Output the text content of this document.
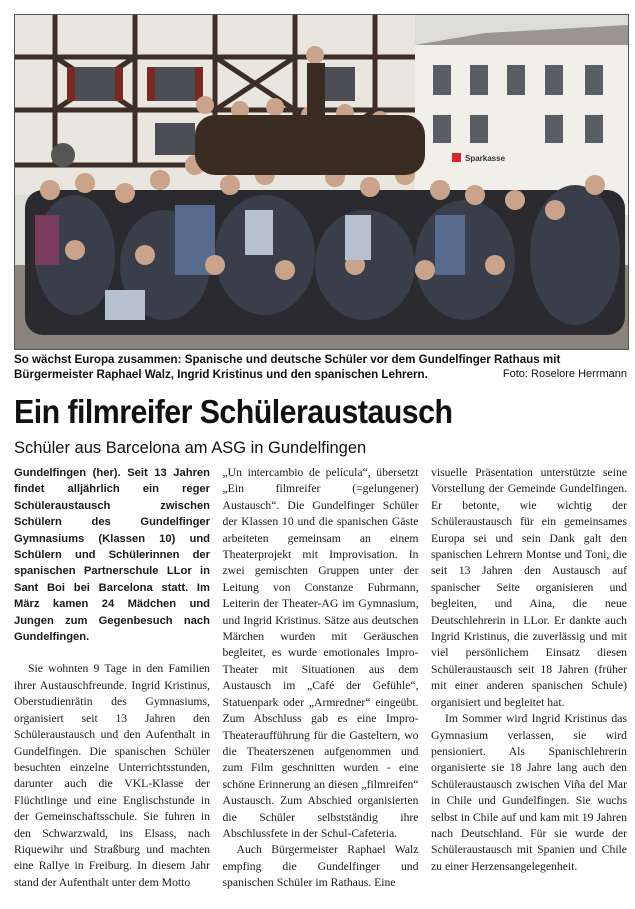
Sparkasse
So wächst Europa zusammen: Spanische und deutsche Schüler vor dem Gundelfinger Rathaus mit Bürgermeister Raphael Walz, Ingrid Kristinus und den spanischen Lehrern.	Foto: Roselore Herrmann
Ein filmreifer Schüleraustausch
Schüler aus Barcelona am ASG in Gundelfingen

Gundelfingen (her). Seit 13 Jahren findet alljährlich ein reger Schüleraustausch zwischen Schülern des Gundelfinger Gymnasiums (Klassen 10) und Schülern und Schülerinnen der spanischen Partnerschule LLor in Sant Boi bei Barcelona statt. Im März kamen 24 Mädchen und Jungen zum Gegenbesuch nach Gundelfingen.

Sie wohnten 9 Tage in den Familien ihrer Austauschfreunde. Ingrid Kristinus, Oberstudienrätin des Gymnasiums, organisiert seit 13 Jahren den Schüleraustausch und den Aufenthalt in Gundelfingen. Die spanischen Schüler besuchten einzelne Unterrichtsstunden, darunter auch die VKL-Klasse der Flüchtlinge und eine Englischstunde in der Gemeinschaftsschule. Sie fuhren in den Schwarzwald, ins Elsass, nach Riquewihr und Straßburg und machten eine Rallye in Freiburg. In diesem Jahr stand der Aufenthalt unter dem Motto

„Un intercambio de película“, übersetzt „Ein filmreifer (=gelungener) Austausch“. Die Gundelfinger Schüler der Klassen 10 und die spanischen Gäste arbeiteten gemeinsam an einem Theaterprojekt mit Improvisation. In zwei gemischten Gruppen unter der Leitung von Constanze Fuhrmann, Leiterin der Theater-AG im Gymnasium, und Ingrid Kristinus. Sätze aus deutschen Märchen wurden mit Geräuschen begleitet, es wurde emotionales Impro-Theater mit Situationen aus dem Austausch im „Café der Gefühle“, Statuenpark oder „Armredner“ eingeübt. Zum Abschluss gab es eine Impro-Theateraufführung für die Gasteltern, wo die Theaterszenen aufgenommen und zum Film geschnitten wurden - eine schöne Erinnerung an diesen „filmreifen“ Austausch. Zum Abschied organisierten die Schüler selbstständig ihre Abschlussfete in der Schul-Cafeteria.

Auch Bürgermeister Raphael Walz empfing die Gundelfinger und spanischen Schüler im Rathaus. Eine

visuelle Präsentation unterstützte seine Vorstellung der Gemeinde Gundelfingen. Er betonte, wie wichtig der Schüleraustausch für ein gemeinsames Europa sei und sein Dank galt den spanischen Lehrern Montse und Toni, die seit 13 Jahren den Austausch auf spanischer Seite organisieren und begleiten, und Aina, die neue Deutschlehrerin in LLor. Er dankte auch Ingrid Kristinus, die zuverlässig und mit viel persönlichem Einsatz diesen Schüleraustausch seit 18 Jahren (früher mit einer anderen spanischen Schule) organisiert und begleitet hat.

Im Sommer wird Ingrid Kristinus das Gymnasium verlassen, sie wird pensioniert. Als Spanischlehrerin organisierte sie 18 Jahre lang auch den Schüleraustausch zwischen Viña del Mar in Chile und Gundelfingen. Sie wuchs selbst in Chile auf und kam mit 19 Jahren nach Deutschland. Für sie wurde der Schüleraustausch mit Spanien und Chile zu einer Herzensangelegenheit.
